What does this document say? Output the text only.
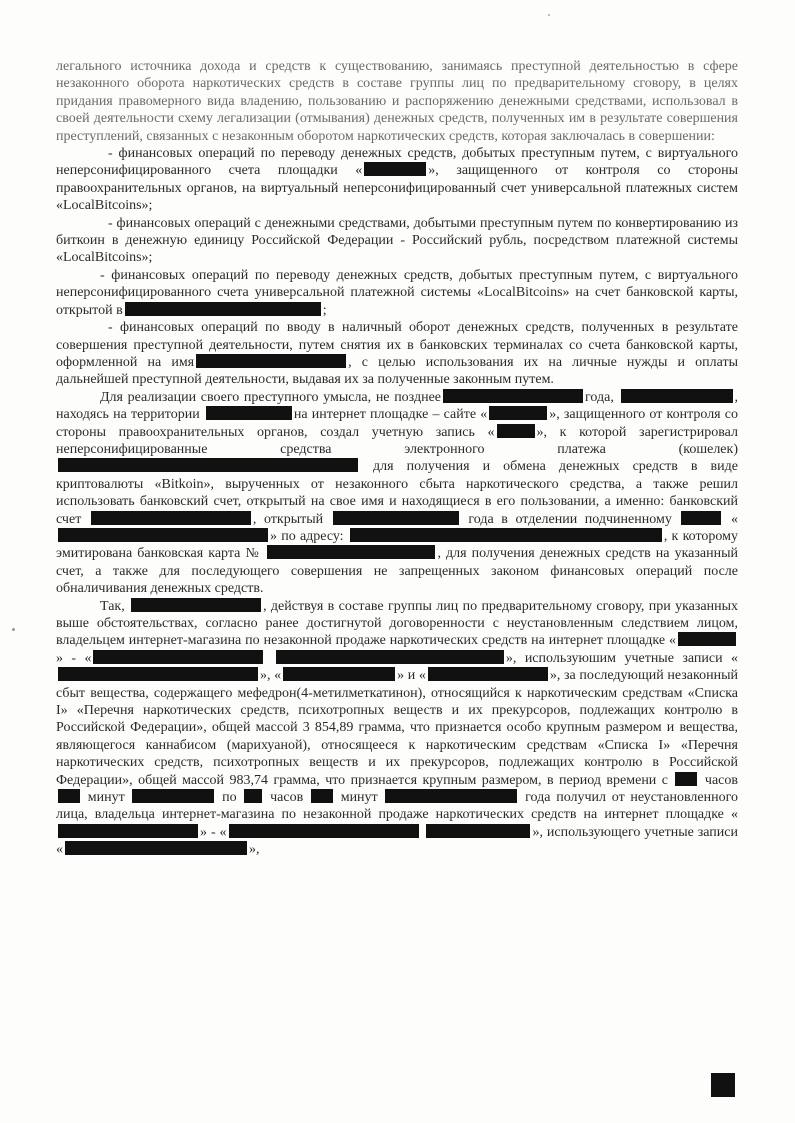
легального источника дохода и средств к существованию, занимаясь преступной деятельностью в сфере незаконного оборота наркотических средств в составе группы лиц по предварительному сговору, в целях придания правомерного вида владению, пользованию и распоряжению денежными средствами, использовал в своей деятельности схему легализации (отмывания) денежных средств, полученных им в результате совершения преступлений, связанных с незаконным оборотом наркотических средств, которая заключалась в совершении:

- финансовых операций по переводу денежных средств, добытых преступным путем, с виртуального неперсонифицированного счета площадки «	», защищенного от контроля со стороны правоохранительных органов, на виртуальный неперсонифицированный счет универсальной платежных систем «LocalBitcoins»;

- финансовых операций с денежными средствами, добытыми преступным путем по конвертированию из биткоин в денежную единицу Российской Федерации - Российский рубль, посредством платежной системы «LocalBitcoins»;

- финансовых операций по переводу денежных средств, добытых преступным путем, с виртуального неперсонифицированного счета универсальной платежной системы «LocalBitcoins» на счет банковской карты, открытой в	;

- финансовых операций по вводу в наличный оборот денежных средств, полученных в результате совершения преступной деятельности, путем снятия их в банковских терминалах со счета банковской карты, оформленной на имя	, с целью использования их на личные нужды и оплаты дальнейшей преступной деятельности, выдавая их за полученные законным путем.

Для реализации своего преступного умысла, не позднее	года,	, находясь на территории	на интернет площадке – сайте «	», защищенного от контроля со стороны правоохранительных органов, создал учетную запись «	», к которой зарегистрировал неперсонифицированные средства электронного платежа (кошелек)  для получения и обмена денежных средств в виде криптовалюты «Bitkoin», вырученных от незаконного сбыта наркотического средства, а также решил использовать банковский счет, открытый на свое имя и находящиеся в его пользовании, а именно: банковский счет	, открытый	года в отделении подчиненному	«» по адресу:	, к которому эмитирована банковская карта №	, для получения денежных средств на указанный счет, а также для последующего совершения не запрещенных законом финансовых операций после обналичивания денежных средств.

Так,	, действуя в составе группы лиц по предварительному сговору, при указанных выше обстоятельствах, согласно ранее достигнутой договоренности с неустановленным следствием лицом, владельцем интернет-магазина по незаконной продаже наркотических средств на интернет площадке «» - «	», используюшим учетные записи «», «	» и «	», за последующий незаконный сбыт вещества, содержащего мефедрон(4-метилметкатинон), относящийся к наркотическим средствам «Списка I» «Перечня наркотических средств, психотропных веществ и их прекурсоров, подлежащих контролю в Российской Федерации», общей массой 3 854,89 грамма, что признается особо крупным размером и вещества, являющегося каннабисом (марихуаной), относящееся к наркотическим средствам «Списка I» «Перечня наркотических средств, психотропных веществ и их прекурсоров, подлежащих контролю в Российской Федерации», общей массой 983,74 грамма, что признается крупным размером, в период времени с	часов  минут	по часов	минут	года получил от неустановленного лица, владельца интернет-магазина по незаконной продаже наркотических средств на интернет площадке «» - «	», использующего учетные записи «	»,
